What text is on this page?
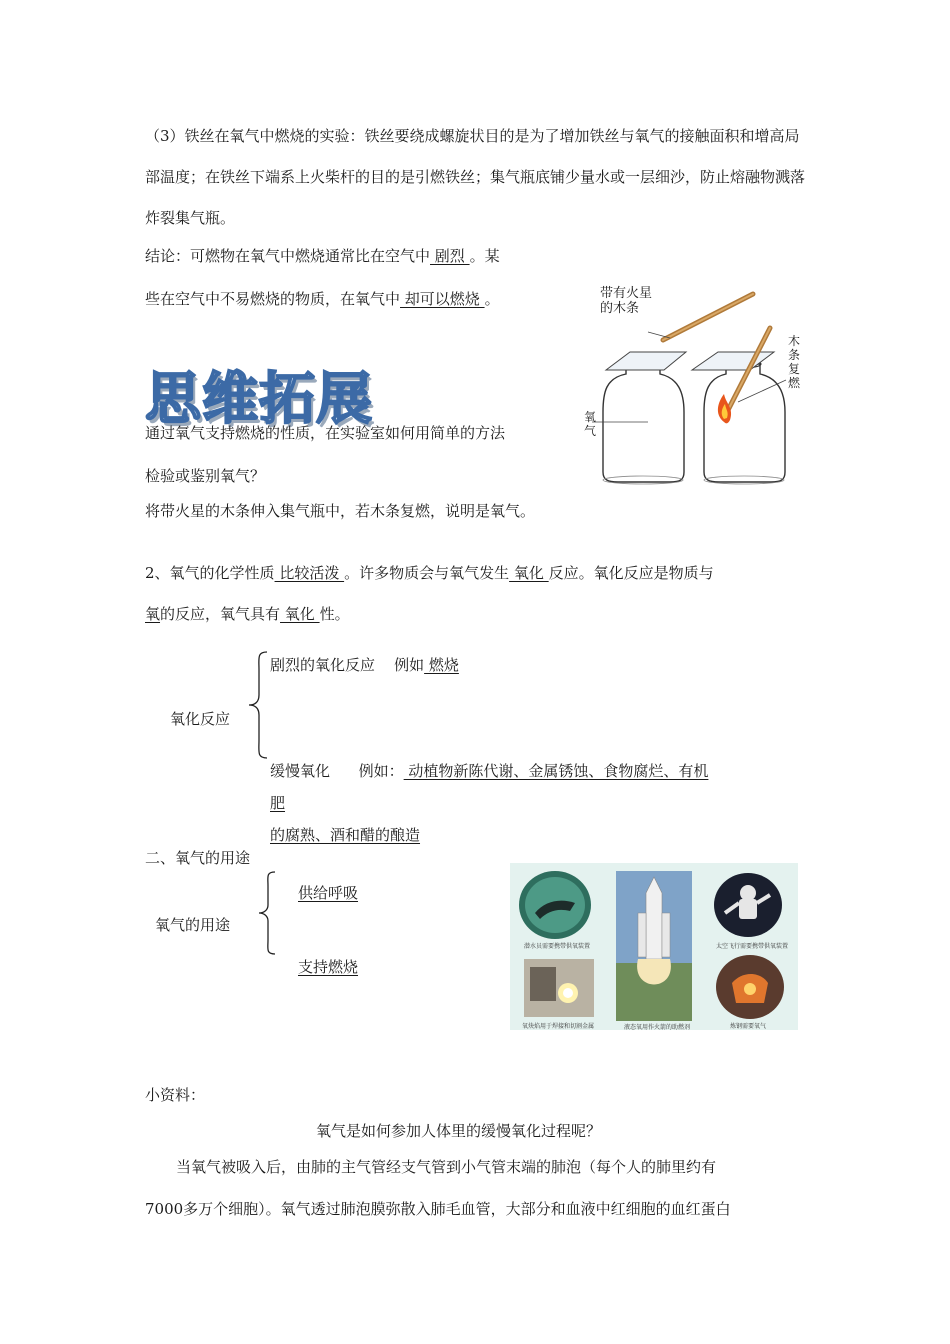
（3）铁丝在氧气中燃烧的实验：铁丝要绕成螺旋状目的是为了增加铁丝与氧气的接触面积和增高局部温度；在铁丝下端系上火柴杆的目的是引燃铁丝；集气瓶底铺少量水或一层细沙，防止熔融物溅落炸裂集气瓶。
结论：可燃物在氧气中燃烧通常比在空气中 剧烈 。某
些在空气中不易燃烧的物质，在氧气中 却可以燃烧 。
思维拓展
通过氧气支持燃烧的性质，在实验室如何用简单的方法
检验或鉴别氧气？
将带火星的木条伸入集气瓶中，若木条复燃，说明是氧气。
带有火星
的木条
木
条
复
燃
氧
气
2、氧气的化学性质 比较活泼 。许多物质会与氧气发生 氧化 反应。氧化反应是物质与
氧的反应，氧气具有 氧化 性。
氧化反应
剧烈的氧化反应 例如 燃烧
缓慢氧化 例如： 动植物新陈代谢、金属锈蚀、食物腐烂、有机
肥
的腐熟、酒和醋的酿造
二、氧气的用途
氧气的用途
供给呼吸
支持燃烧
潜水员需要携带供氧装置
液态氧用作火箭的助燃剂
太空飞行需要携带供氧装置
氧炔焰用于焊接和切割金属	炼钢需要氧气
小资料：
氧气是如何参加人体里的缓慢氧化过程呢？
当氧气被吸入后，由肺的主气管经支气管到小气管末端的肺泡（每个人的肺里约有
7000多万个细胞）。氧气透过肺泡膜弥散入肺毛血管，大部分和血液中红细胞的血红蛋白
